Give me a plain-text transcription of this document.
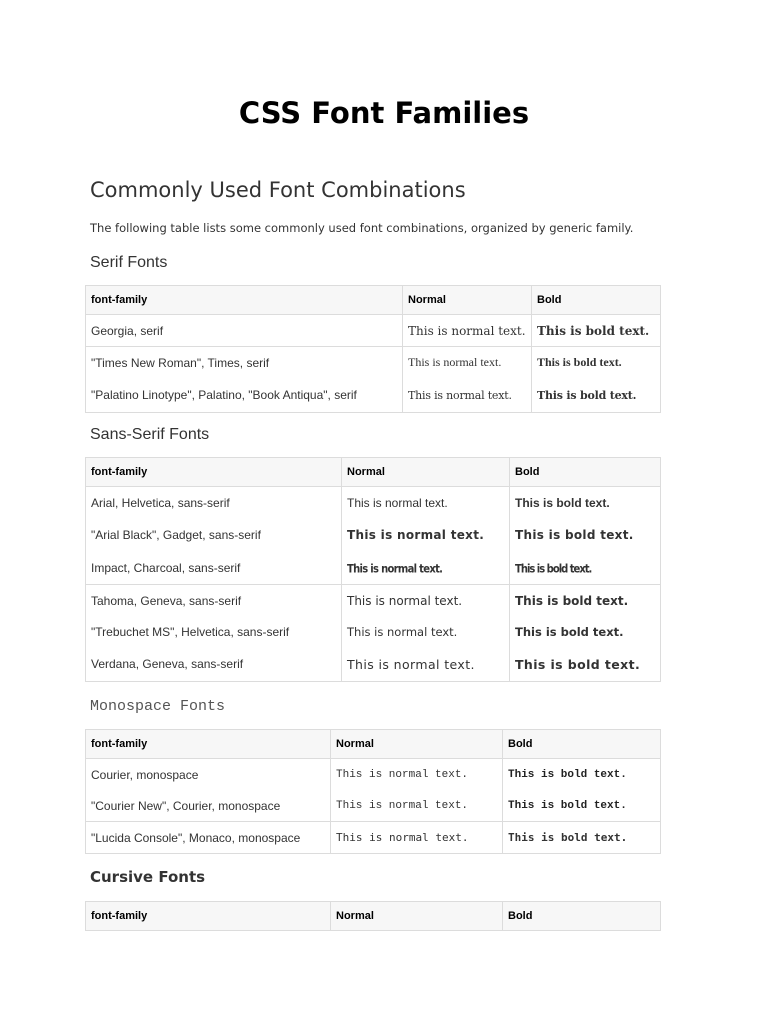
CSS Font Families
Commonly Used Font Combinations

The following table lists some commonly used font combinations, organized by generic family.

Serif Fonts
font-family	Normal	Bold
Georgia, serif	This is normal text.	This is bold text.
"Times New Roman", Times, serif	This is normal text.	This is bold text.
"Palatino Linotype", Palatino, "Book Antiqua", serif	This is normal text.	This is bold text.
Sans-Serif Fonts
font-family	Normal	Bold
Arial, Helvetica, sans-serif	This is normal text.	This is bold text.
"Arial Black", Gadget, sans-serif	This is normal text.	This is bold text.
Impact, Charcoal, sans-serif	This is normal text.	This is bold text.
Tahoma, Geneva, sans-serif	This is normal text.	This is bold text.
"Trebuchet MS", Helvetica, sans-serif	This is normal text.	This is bold text.
Verdana, Geneva, sans-serif	This is normal text.	This is bold text.
Monospace Fonts
font-family	Normal	Bold
Courier, monospace	This is normal text.	This is bold text.
"Courier New", Courier, monospace	This is normal text.	This is bold text.
"Lucida Console", Monaco, monospace	This is normal text.	This is bold text.
Cursive Fonts
font-family	Normal	Bold
